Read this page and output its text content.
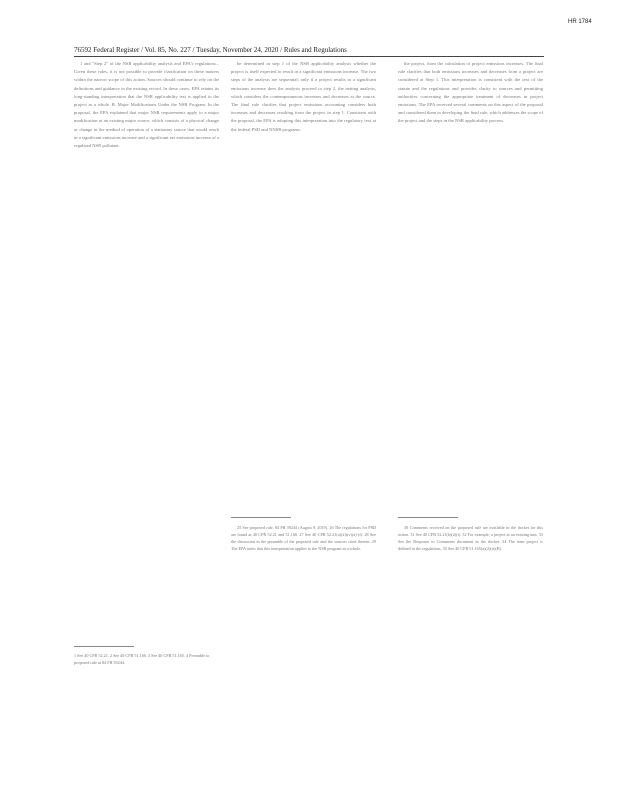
HR 1784
76592 Federal Register / Vol. 85, No. 227 / Tuesday, November 24, 2020 / Rules and Regulations

1 and "Step 2" of the NSR applicability analysis and EPA's regulations... Given these rules, it is not possible to provide clarification on these matters within the narrow scope of this action. Sources should continue to rely on the definitions and guidance in the existing record. In these cases, EPA retains its long-standing interpretation that the NSR applicability test is applied to the project as a whole. B. Major Modifications Under the NSR Program. In the proposal, the EPA explained that major NSR requirements apply to a major modification at an existing major source, which consists of a physical change or change in the method of operation of a stationary source that would result in a significant emissions increase and a significant net emissions increase of a regulated NSR pollutant.

be determined in step 1 of the NSR applicability analysis whether the project is itself expected to result in a significant emissions increase. The two steps of the analysis are sequential; only if a project results in a significant emissions increase does the analysis proceed to step 2, the netting analysis, which considers the contemporaneous increases and decreases at the source. The final rule clarifies that project emissions accounting considers both increases and decreases resulting from the project in step 1. Consistent with the proposal, the EPA is adopting this interpretation into the regulatory text at the federal PSD and NNSR programs.

the project, from the calculation of project emissions increases. The final rule clarifies that both emissions increases and decreases from a project are considered at Step 1. This interpretation is consistent with the text of the statute and the regulations and provides clarity to sources and permitting authorities concerning the appropriate treatment of decreases in project emissions. The EPA received several comments on this aspect of the proposal and considered them in developing the final rule, which addresses the scope of the project and the steps in the NSR applicability process.

25 See proposed rule, 84 FR 39244 (August 9, 2019). 26 The regulations for PSD are found at 40 CFR 52.21 and 51.166. 27 See 40 CFR 52.21(a)(2)(iv)(a)-(f). 28 See the discussion in the preamble of the proposed rule and the sources cited therein. 29 The EPA notes that this interpretation applies to the NSR program as a whole.

30 Comments received on the proposed rule are available in the docket for this action. 31 See 40 CFR 52.21(b)(2)(i). 32 For example, a project at an existing unit. 33 See the Response to Comments document in the docket. 34 The term project is defined in the regulations. 35 See 40 CFR 51.165(a)(2)(ii)(B).

1 See 40 CFR 52.21. 2 See 40 CFR 51.166. 3 See 40 CFR 51.165. 4 Preamble to proposed rule at 84 FR 39244.
